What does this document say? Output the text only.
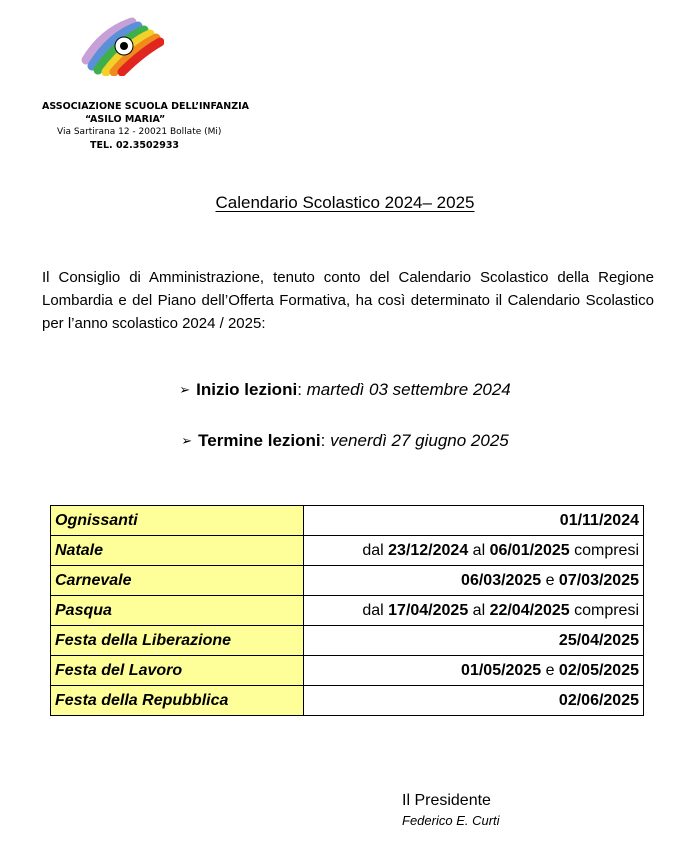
ASSOCIAZIONE SCUOLA DELL’INFANZIA
“ASILO MARIA”
Via Sartirana 12 - 20021 Bollate (Mi)
TEL. 02.3502933
Calendario Scolastico 2024– 2025
Il Consiglio di Amministrazione, tenuto conto del Calendario Scolastico della Regione Lombardia e del Piano dell’Offerta Formativa, ha così determinato il Calendario Scolastico per l’anno scolastico 2024 / 2025:
➢ Inizio lezioni: martedì 03 settembre 2024
➢ Termine lezioni: venerdì 27 giugno 2025
Ognissanti	01/11/2024
Natale	dal 23/12/2024 al 06/01/2025 compresi
Carnevale	06/03/2025 e 07/03/2025
Pasqua	dal 17/04/2025 al 22/04/2025 compresi
Festa della Liberazione	25/04/2025
Festa del Lavoro	01/05/2025 e 02/05/2025
Festa della Repubblica	02/06/2025
Il Presidente
Federico E. Curti
